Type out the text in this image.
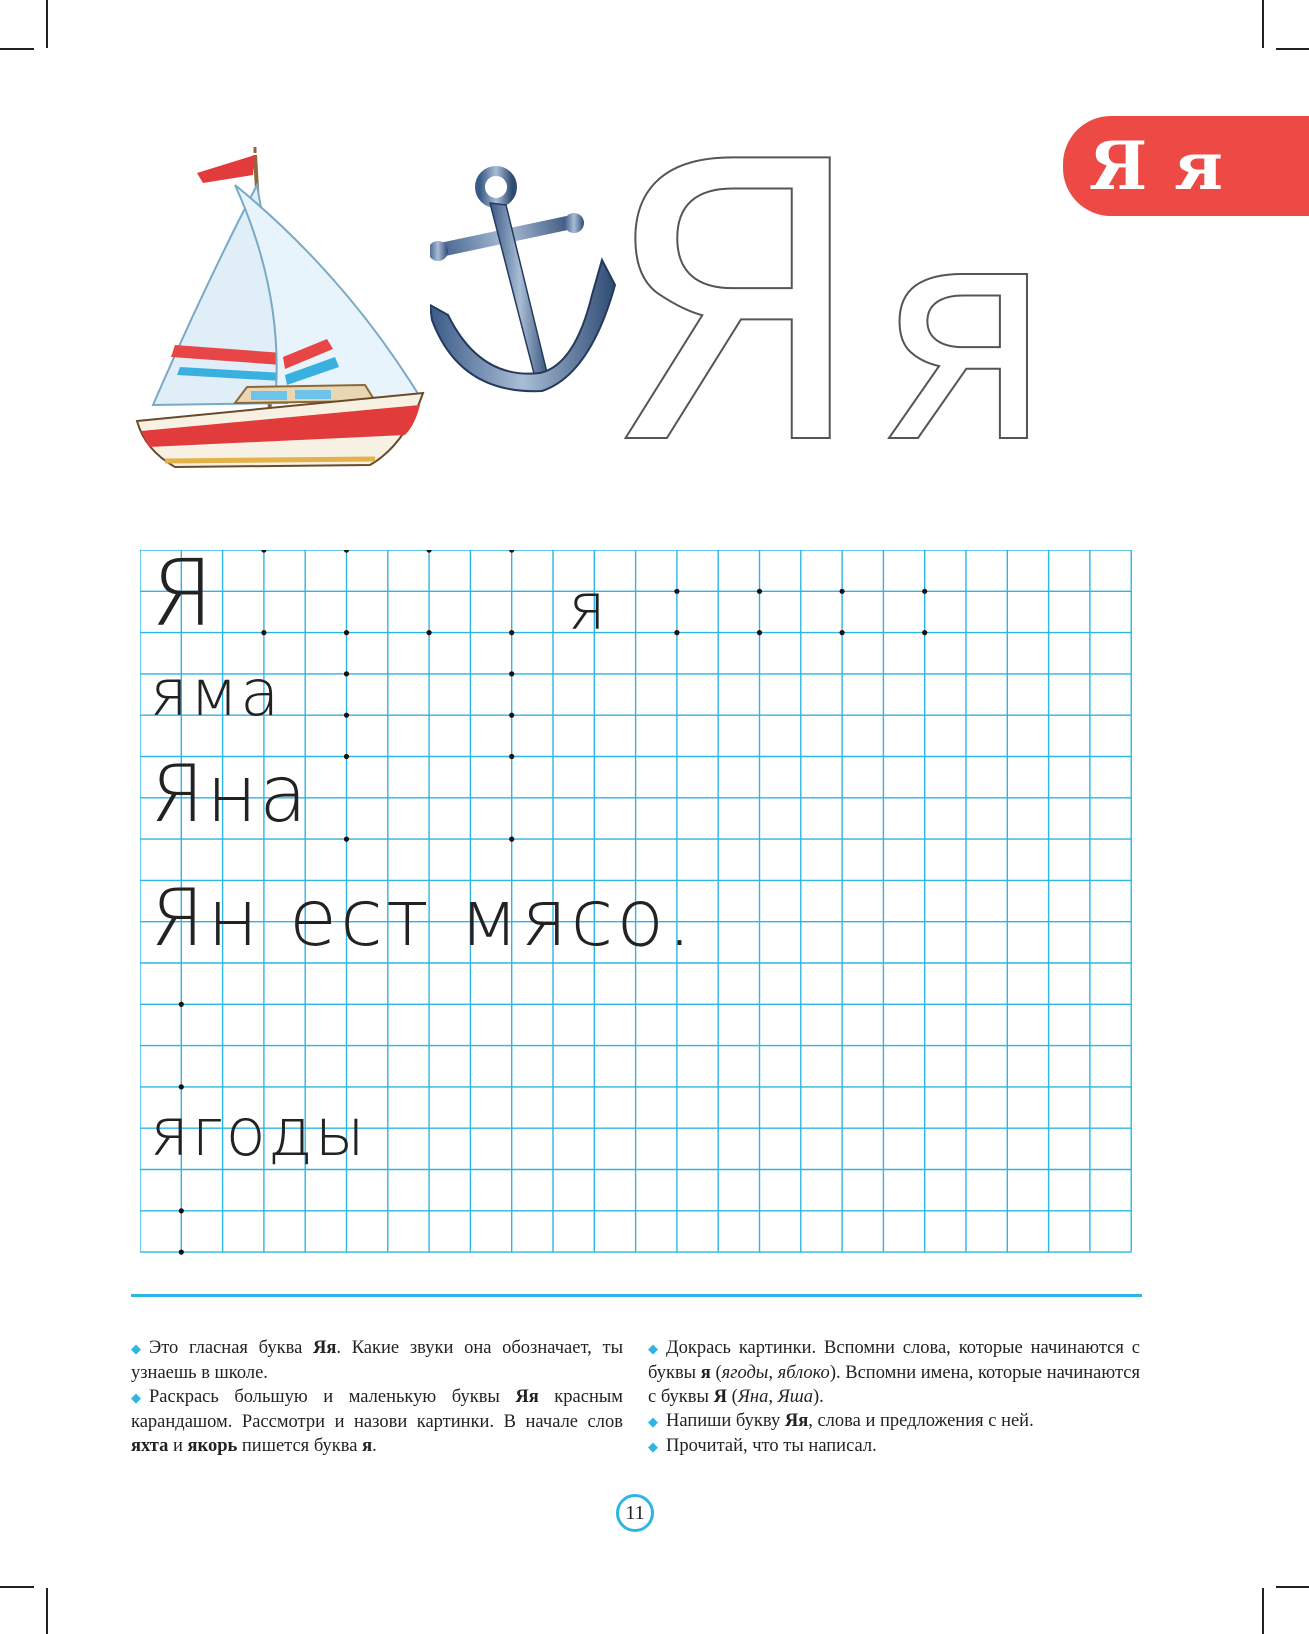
Я я
Я я
Я	я
яма
Яна
Ян ест мясо.
ягоды

◆ Это гласная буква Яя. Какие звуки она обозначает, ты узнаешь в школе.

◆ Раскрась большую и маленькую буквы Яя красным карандашом. Рассмотри и назови картинки. В начале слов яхта и якорь пишется буква я.

◆ Докрась картинки. Вспомни слова, которые начинаются с буквы я (ягоды, яблоко). Вспомни имена, которые начинаются с буквы Я (Яна, Яша).

◆ Напиши букву Яя, слова и предложения с ней.

◆ Прочитай, что ты написал.

11
